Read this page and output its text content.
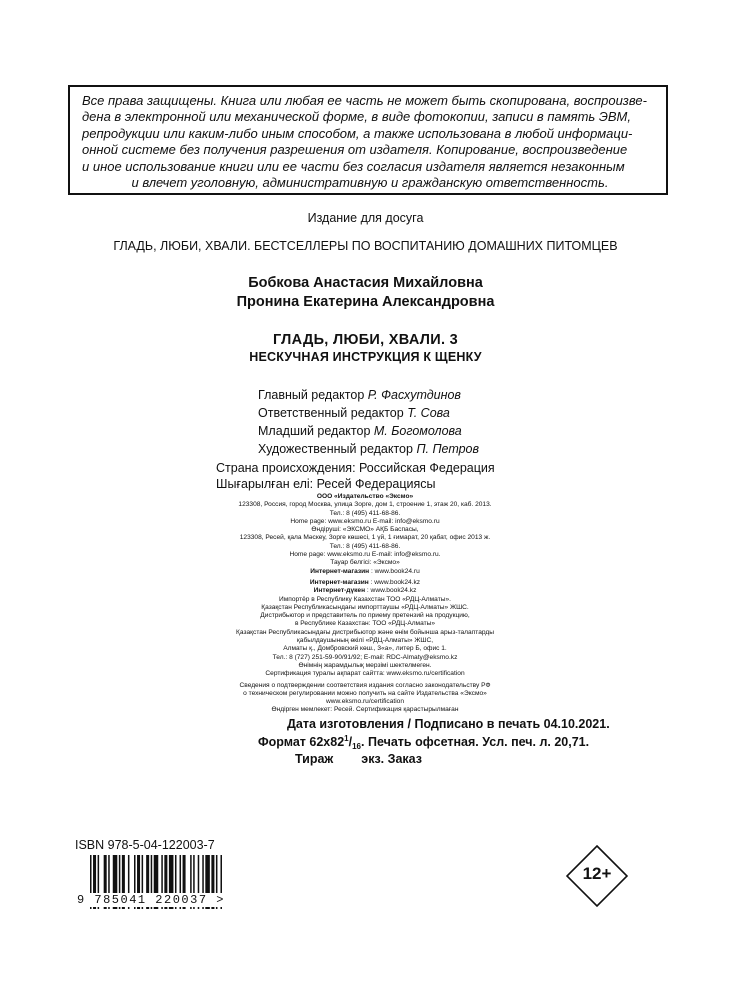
Все права защищены. Книга или любая ее часть не может быть скопирована, воспроизве-
дена в электронной или механической форме, в виде фотокопии, записи в память ЭВМ,
репродукции или каким-либо иным способом, а также использована в любой информаци-
онной системе без получения разрешения от издателя. Копирование, воспроизведение
и иное использование книги или ее части без согласия издателя является незаконным
и влечет уголовную, административную и гражданскую ответственность.
Издание для досуга
ГЛАДЬ, ЛЮБИ, ХВАЛИ. БЕСТСЕЛЛЕРЫ ПО ВОСПИТАНИЮ ДОМАШНИХ ПИТОМЦЕВ
Бобкова Анастасия Михайловна
Пронина Екатерина Александровна
ГЛАДЬ, ЛЮБИ, ХВАЛИ. 3
НЕСКУЧНАЯ ИНСТРУКЦИЯ К ЩЕНКУ
Главный редактор Р. Фасхутдинов
Ответственный редактор Т. Сова
Младший редактор М. Богомолова
Художественный редактор П. Петров
Страна происхождения: Российская Федерация
Шығарылған елі: Ресей Федерациясы
ООО «Издательство «Эксмо»
123308, Россия, город Москва, улица Зорге, дом 1, строение 1, этаж 20, каб. 2013.
Тел.: 8 (495) 411-68-86.
Home page: www.eksmo.ru E-mail: info@eksmo.ru
Өндіруші: «ЭКСМО» АҚБ Баспасы,
123308, Ресей, қала Мәскеу, Зорге көшесі, 1 үй, 1 ғимарат, 20 қабат, офис 2013 ж.
Тел.: 8 (495) 411-68-86.
Home page: www.eksmo.ru E-mail: info@eksmo.ru.
Тауар белгісі: «Эксмо»
Интернет-магазин : www.book24.ru
Интернет-магазин : www.book24.kz
Интернет-дүкен : www.book24.kz
Импортёр в Республику Казахстан ТОО «РДЦ-Алматы».
Қазақстан Республикасындағы импорттаушы «РДЦ-Алматы» ЖШС.
Дистрибьютор и представитель по приему претензий на продукцию,
в Республике Казахстан: ТОО «РДЦ-Алматы»
Қазақстан Республикасындағы дистрибьютор және өнім бойынша арыз-талаптарды
қабылдаушының өкілі «РДЦ-Алматы» ЖШС,
Алматы қ., Домбровский көш., 3«а», литер Б, офис 1.
Тел.: 8 (727) 251-59-90/91/92; E-mail: RDC-Almaty@eksmo.kz
Өнімнің жарамдылық мерзімі шектелмеген.
Сертификация туралы ақпарат сайтта: www.eksmo.ru/certification
Сведения о подтверждении соответствия издания согласно законодательству РФ
о техническом регулировании можно получить на сайте Издательства «Эксмо»
www.eksmo.ru/certification
Өндірген мемлекет: Ресей. Сертификация қарастырылмаған
Дата изготовления / Подписано в печать 04.10.2021.
Формат $62x82^1/_{16}$. Печать офсетная. Усл. печ. л. 20,71.
Тираж экз. Заказ
ISBN 978-5-04-122003-7
9 785041 220037 >
12+
